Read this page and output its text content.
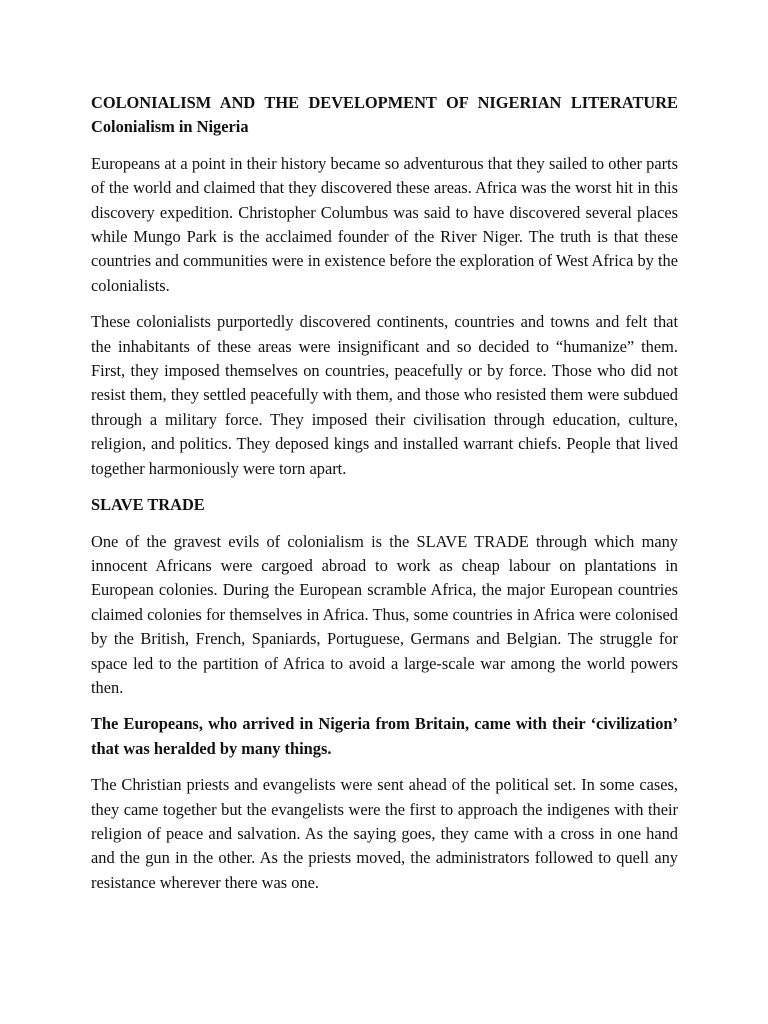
COLONIALISM AND THE DEVELOPMENT OF NIGERIAN LITERATURE
Colonialism in Nigeria

Europeans at a point in their history became so adventurous that they sailed to other parts of the world and claimed that they discovered these areas. Africa was the worst hit in this discovery expedition. Christopher Columbus was said to have discovered several places while Mungo Park is the acclaimed founder of the River Niger. The truth is that these countries and communities were in existence before the exploration of West Africa by the colonialists.

These colonialists purportedly discovered continents, countries and towns and felt that the inhabitants of these areas were insignificant and so decided to “humanize” them. First, they imposed themselves on countries, peacefully or by force. Those who did not resist them, they settled peacefully with them, and those who resisted them were subdued through a military force. They imposed their civilisation through education, culture, religion, and politics. They deposed kings and installed warrant chiefs. People that lived together harmoniously were torn apart.

SLAVE TRADE

One of the gravest evils of colonialism is the SLAVE TRADE through which many innocent Africans were cargoed abroad to work as cheap labour on plantations in European colonies. During the European scramble Africa, the major European countries claimed colonies for themselves in Africa. Thus, some countries in Africa were colonised by the British, French, Spaniards, Portuguese, Germans and Belgian. The struggle for space led to the partition of Africa to avoid a large-scale war among the world powers then.

The Europeans, who arrived in Nigeria from Britain, came with their ‘civilization’ that was heralded by many things.

The Christian priests and evangelists were sent ahead of the political set. In some cases, they came together but the evangelists were the first to approach the indigenes with their religion of peace and salvation. As the saying goes, they came with a cross in one hand and the gun in the other. As the priests moved, the administrators followed to quell any resistance wherever there was one.
